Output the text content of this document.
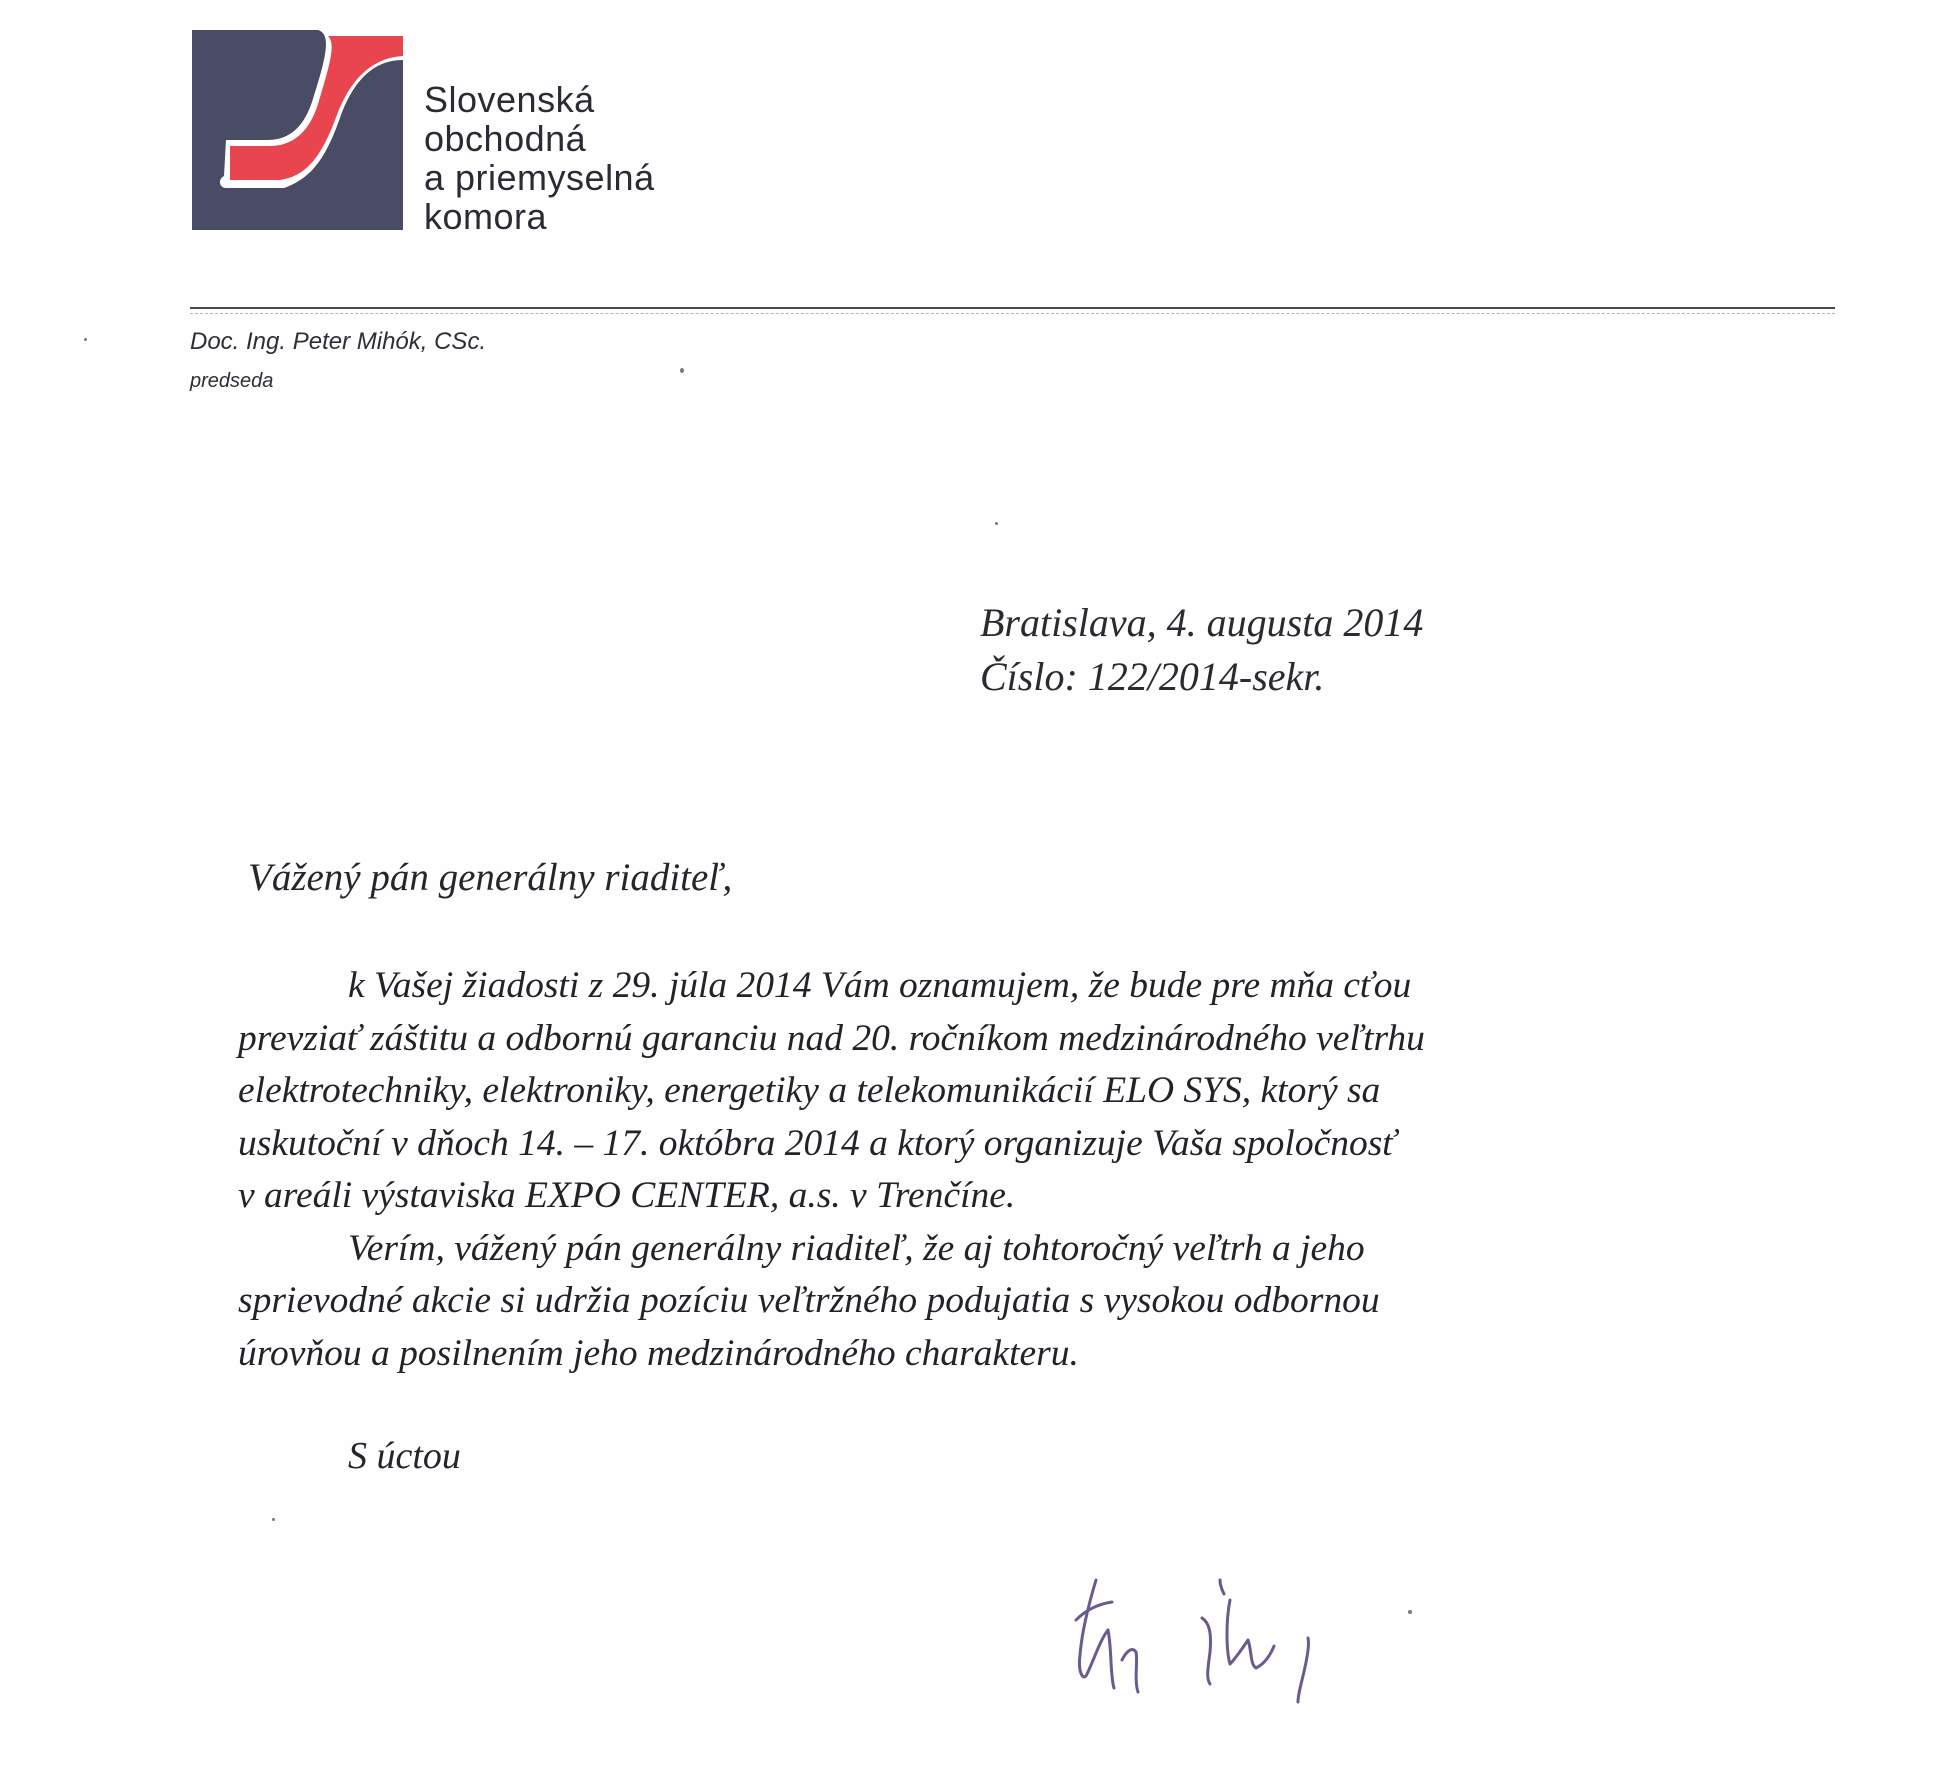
Slovenská
obchodná
a priemyselná
komora
Doc. Ing. Peter Mihók, CSc.
predseda
Bratislava, 4. augusta 2014
Číslo: 122/2014-sekr.
Vážený pán generálny riaditeľ,
k Vašej žiadosti z 29. júla 2014 Vám oznamujem, že bude pre mňa cťou
prevziať záštitu a odbornú garanciu nad 20. ročníkom medzinárodného veľtrhu
elektrotechniky, elektroniky, energetiky a telekomunikácií ELO SYS, ktorý sa
uskutoční v dňoch 14. – 17. októbra 2014 a ktorý organizuje Vaša spoločnosť
v areáli výstaviska EXPO CENTER, a.s. v Trenčíne.
Verím, vážený pán generálny riaditeľ, že aj tohtoročný veľtrh a jeho
sprievodné akcie si udržia pozíciu veľtržného podujatia s vysokou odbornou
úrovňou a posilnením jeho medzinárodného charakteru.
S úctou
